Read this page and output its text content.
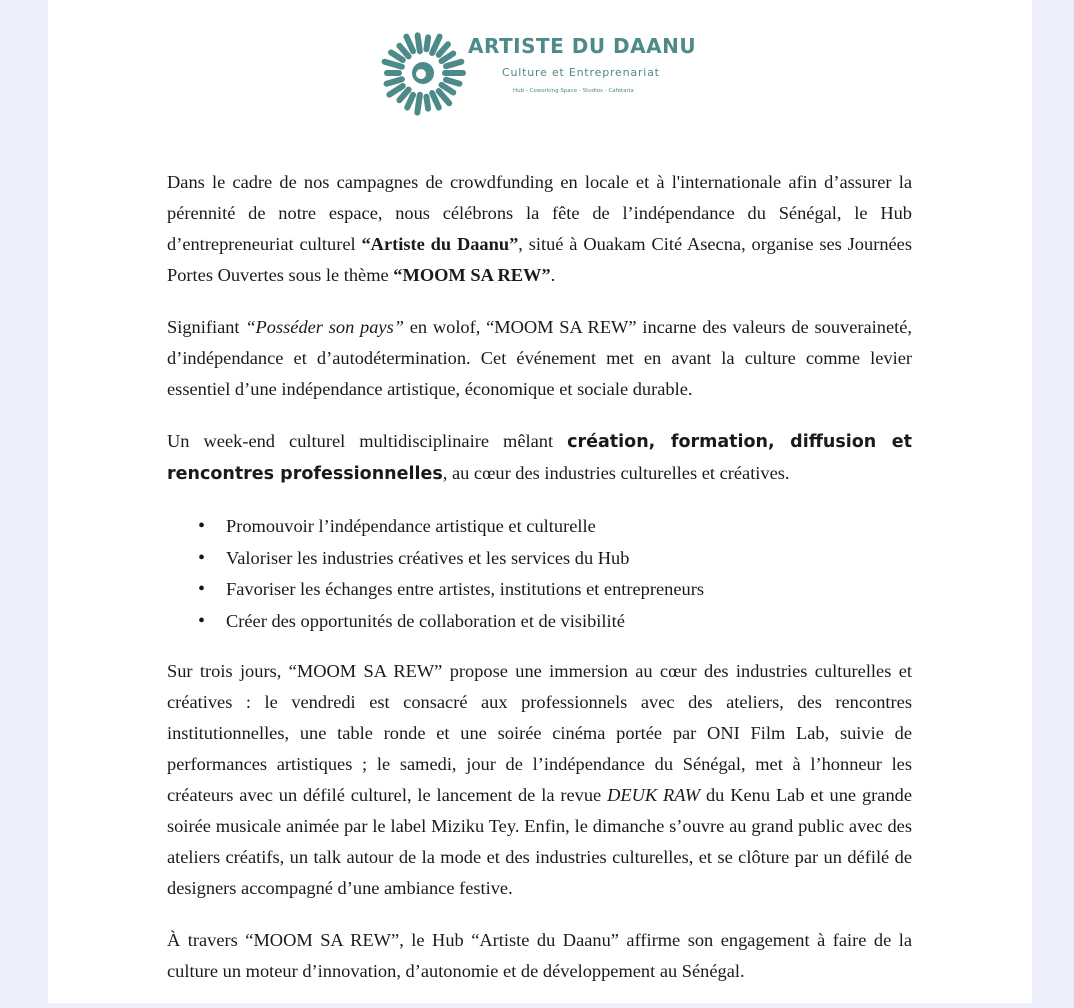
ARTISTE DU DAANU
Culture et Entreprenariat
Hub - Coworking Space - Studios - Cafétaria

Dans le cadre de nos campagnes de crowdfunding en locale et à l'internationale afin d’assurer la pérennité de notre espace, nous célébrons la fête de l’indépendance du Sénégal, le Hub d’entrepreneuriat culturel “Artiste du Daanu”, situé à Ouakam Cité Asecna, organise ses Journées Portes Ouvertes sous le thème “MOOM SA REW”.

Signifiant “Posséder son pays” en wolof, “MOOM SA REW” incarne des valeurs de souveraineté, d’indépendance et d’autodétermination. Cet événement met en avant la culture comme levier essentiel d’une indépendance artistique, économique et sociale durable.

Un week-end culturel multidisciplinaire mêlant création, formation, diffusion et rencontres professionnelles, au cœur des industries culturelles et créatives.

• Promouvoir l’indépendance artistique et culturelle
• Valoriser les industries créatives et les services du Hub
• Favoriser les échanges entre artistes, institutions et entrepreneurs
• Créer des opportunités de collaboration et de visibilité

Sur trois jours, “MOOM SA REW” propose une immersion au cœur des industries culturelles et créatives : le vendredi est consacré aux professionnels avec des ateliers, des rencontres institutionnelles, une table ronde et une soirée cinéma portée par ONI Film Lab, suivie de performances artistiques ; le samedi, jour de l’indépendance du Sénégal, met à l’honneur les créateurs avec un défilé culturel, le lancement de la revue DEUK RAW du Kenu Lab et une grande soirée musicale animée par le label Miziku Tey. Enfin, le dimanche s’ouvre au grand public avec des ateliers créatifs, un talk autour de la mode et des industries culturelles, et se clôture par un défilé de designers accompagné d’une ambiance festive.

À travers “MOOM SA REW”, le Hub “Artiste du Daanu” affirme son engagement à faire de la culture un moteur d’innovation, d’autonomie et de développement au Sénégal.
